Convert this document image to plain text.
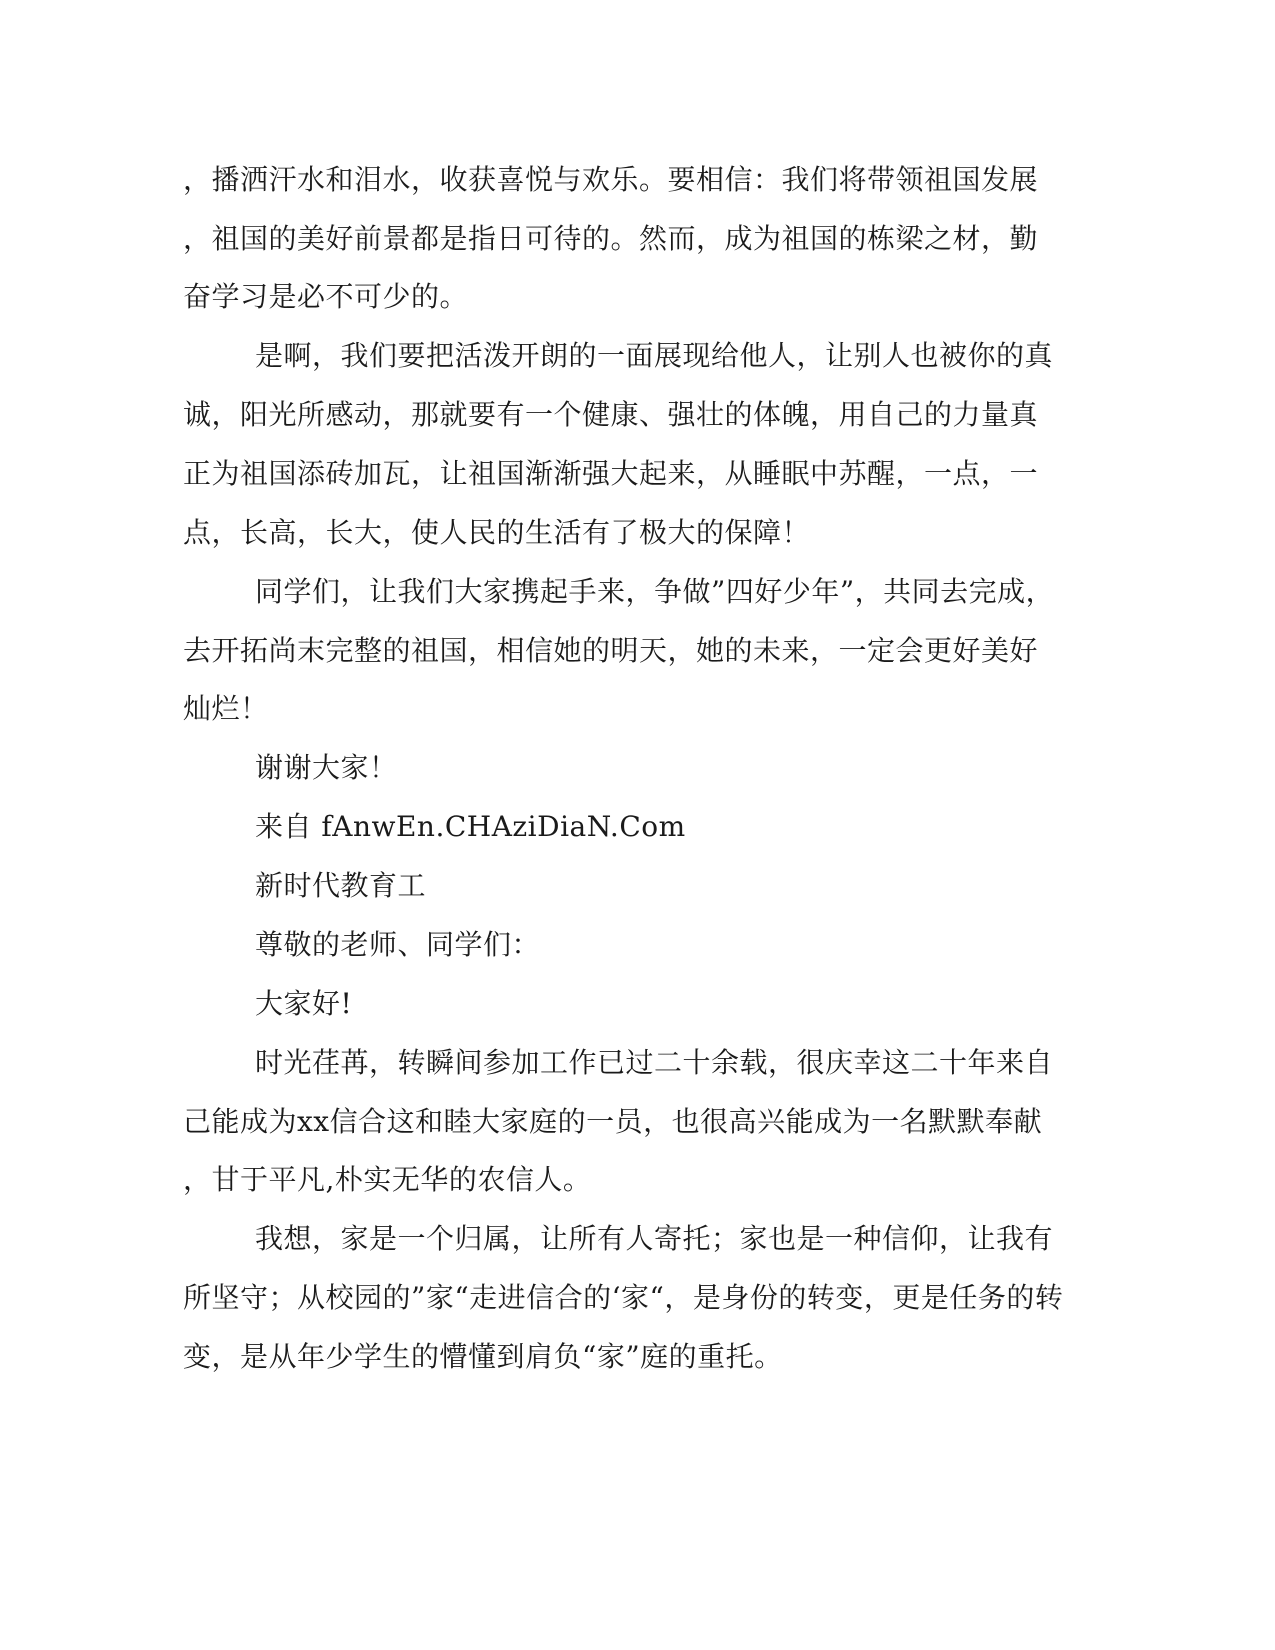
，播洒汗水和泪水，收获喜悦与欢乐。要相信：我们将带领祖国发展
，祖国的美好前景都是指日可待的。然而，成为祖国的栋梁之材，勤
奋学习是必不可少的。
是啊，我们要把活泼开朗的一面展现给他人，让别人也被你的真
诚，阳光所感动，那就要有一个健康、强壮的体魄，用自己的力量真
正为祖国添砖加瓦，让祖国渐渐强大起来，从睡眠中苏醒，一点，一
点，长高，长大，使人民的生活有了极大的保障！
同学们，让我们大家携起手来，争做”四好少年”，共同去完成，
去开拓尚末完整的祖国，相信她的明天，她的未来，一定会更好美好
灿烂！
谢谢大家！
来自 fAnwEn.CHAziDiaN.Com
新时代教育工
尊敬的老师、同学们：
大家好!
时光荏苒，转瞬间参加工作已过二十余载，很庆幸这二十年来自
己能成为xx信合这和睦大家庭的一员，也很高兴能成为一名默默奉献
，甘于平凡,朴实无华的农信人。
我想，家是一个归属，让所有人寄托；家也是一种信仰，让我有
所坚守；从校园的”家“走进信合的‘家“，是身份的转变，更是任务的转
变，是从年少学生的懵懂到肩负“家”庭的重托。
